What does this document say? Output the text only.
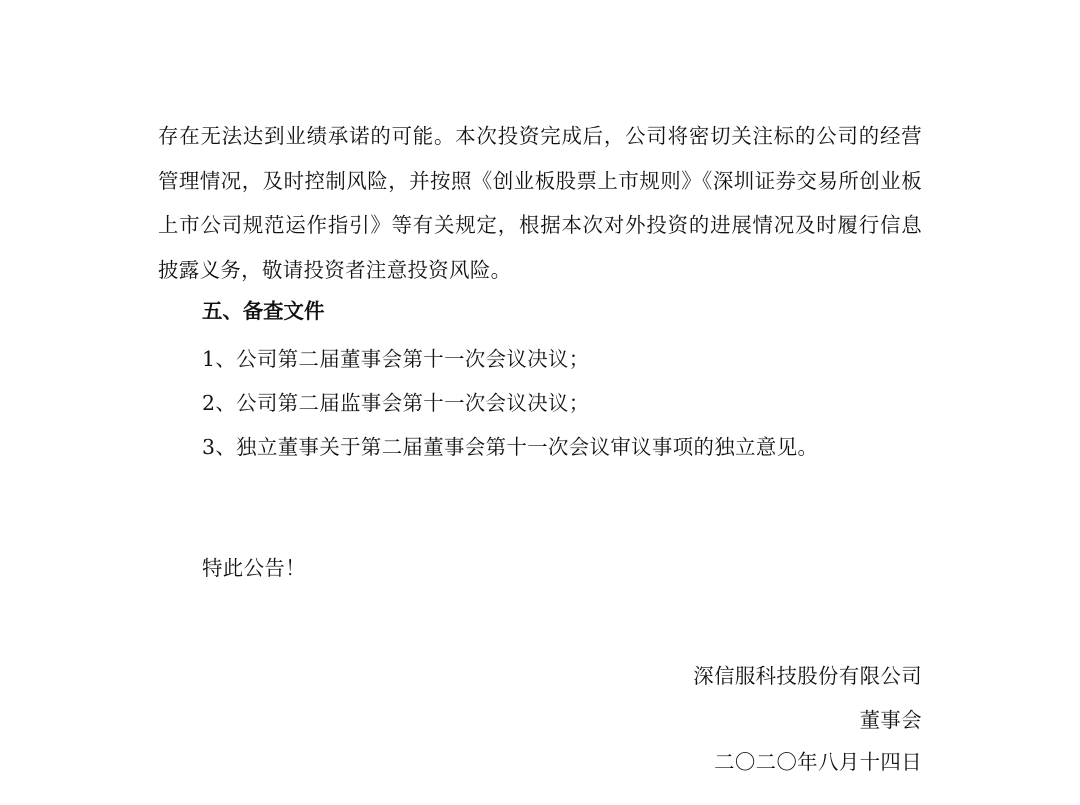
存在无法达到业绩承诺的可能。本次投资完成后，公司将密切关注标的公司的经营管理情况，及时控制风险，并按照《创业板股票上市规则》《深圳证券交易所创业板上市公司规范运作指引》等有关规定，根据本次对外投资的进展情况及时履行信息披露义务，敬请投资者注意投资风险。

五、备查文件

1、公司第二届董事会第十一次会议决议；

2、公司第二届监事会第十一次会议决议；

3、独立董事关于第二届董事会第十一次会议审议事项的独立意见。

特此公告！

深信服科技股份有限公司

董事会

二〇二〇年八月十四日
